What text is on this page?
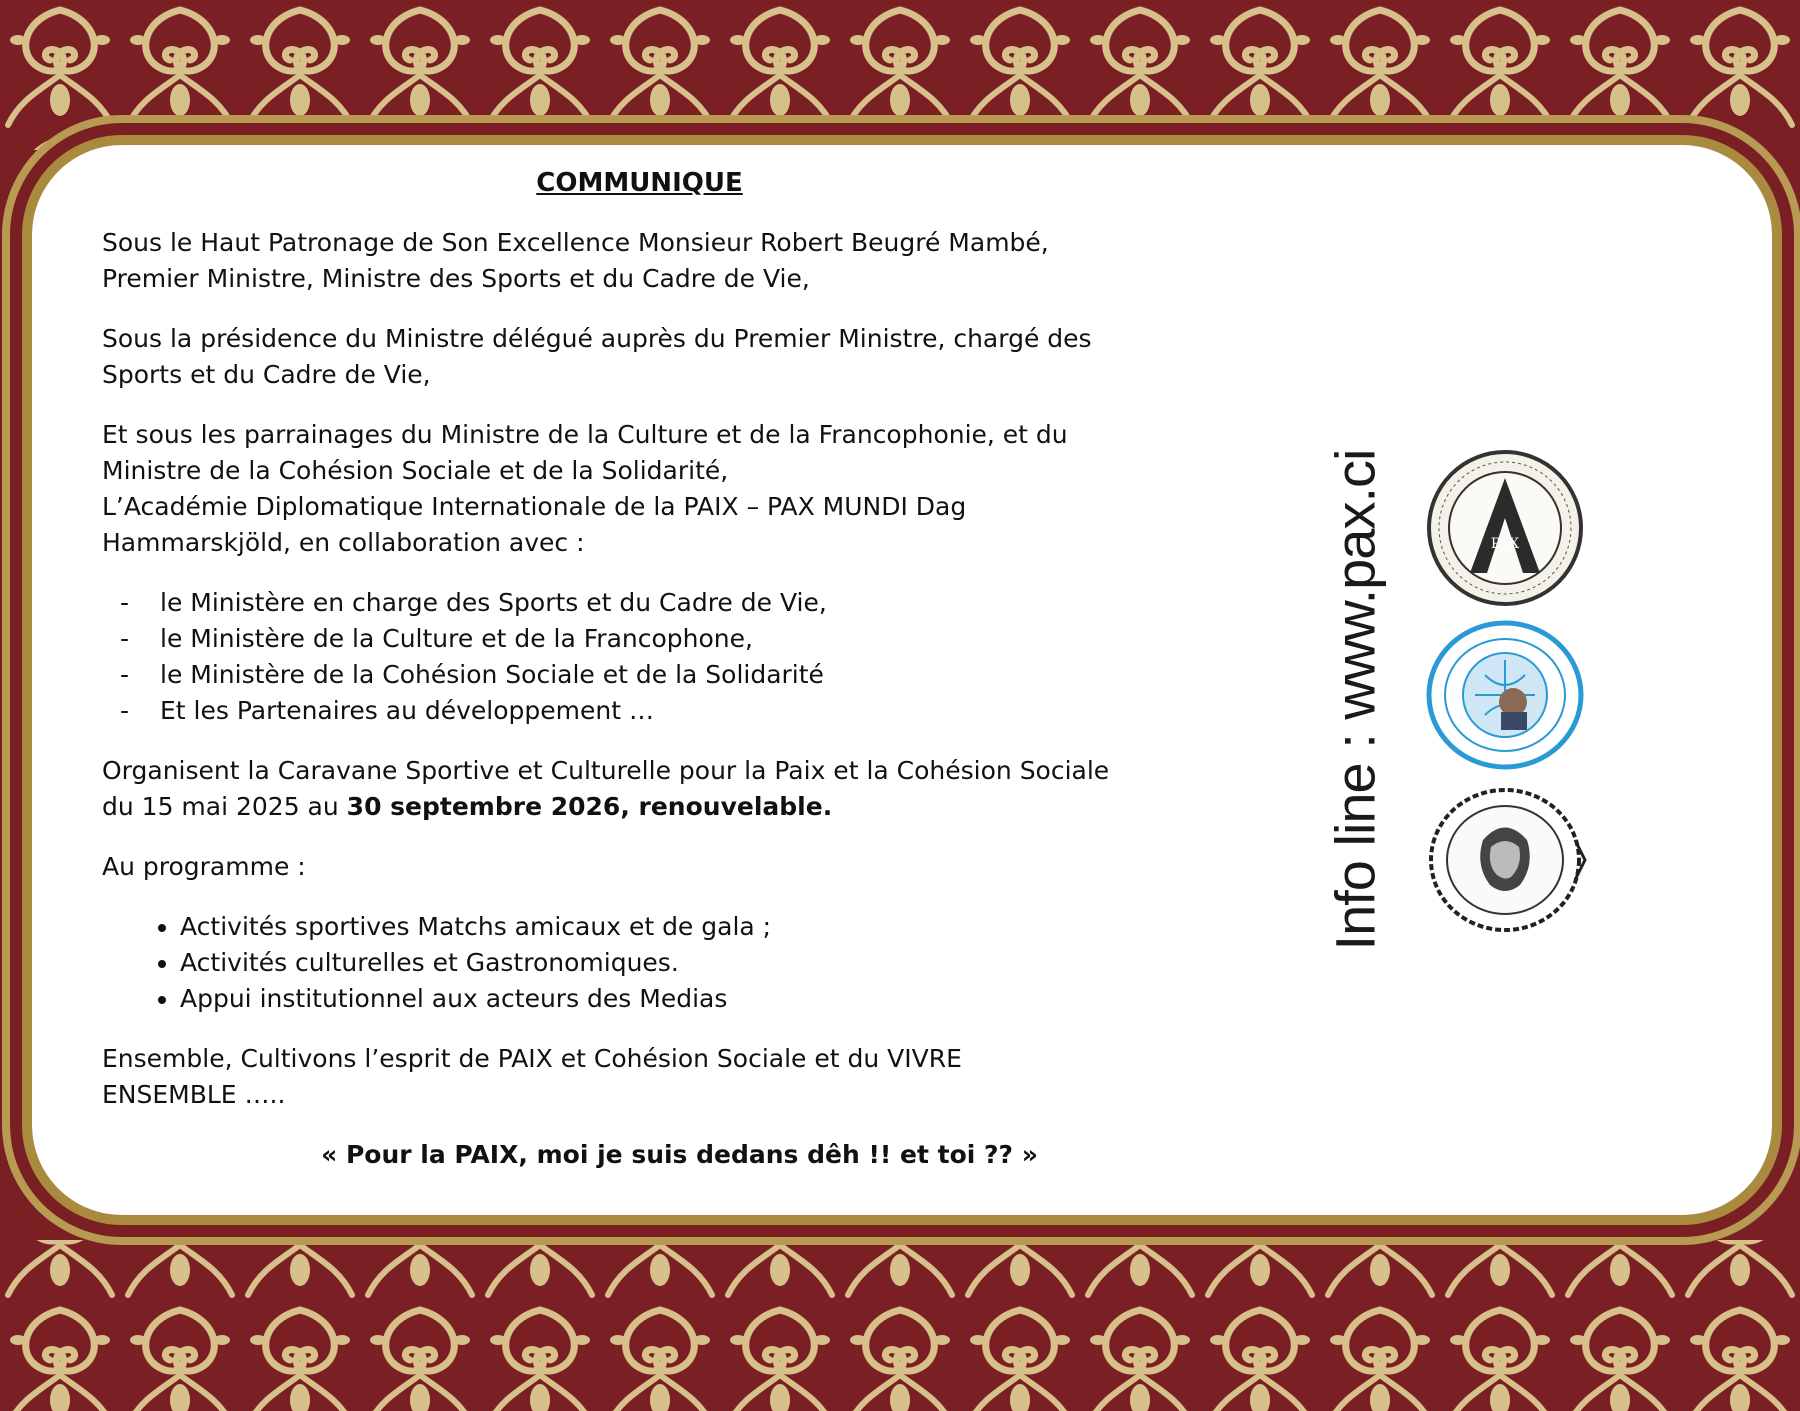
COMMUNIQUE

Sous le Haut Patronage de Son Excellence Monsieur Robert Beugré Mambé,
Premier Ministre, Ministre des Sports et du Cadre de Vie,

Sous la présidence du Ministre délégué auprès du Premier Ministre, chargé des
Sports et du Cadre de Vie,

Et sous les parrainages du Ministre de la Culture et de la Francophonie, et du
Ministre de la Cohésion Sociale et de la Solidarité,
L’Académie Diplomatique Internationale de la PAIX – PAX MUNDI Dag
Hammarskjöld, en collaboration avec :

- le Ministère en charge des Sports et du Cadre de Vie,
- le Ministère de la Culture et de la Francophone,
- le Ministère de la Cohésion Sociale et de la Solidarité
- Et les Partenaires au développement …

Organisent la Caravane Sportive et Culturelle pour la Paix et la Cohésion Sociale
du 15 mai 2025 au 30 septembre 2026, renouvelable.

Au programme :

• Activités sportives Matchs amicaux et de gala ;
• Activités culturelles et Gastronomiques.
• Appui institutionnel aux acteurs des Medias

Ensemble, Cultivons l’esprit de PAIX et Cohésion Sociale et du VIVRE
ENSEMBLE …..

« Pour la PAIX, moi je suis dedans dêh !! et toi ?? »
Info line : www.pax.ci	PAX
